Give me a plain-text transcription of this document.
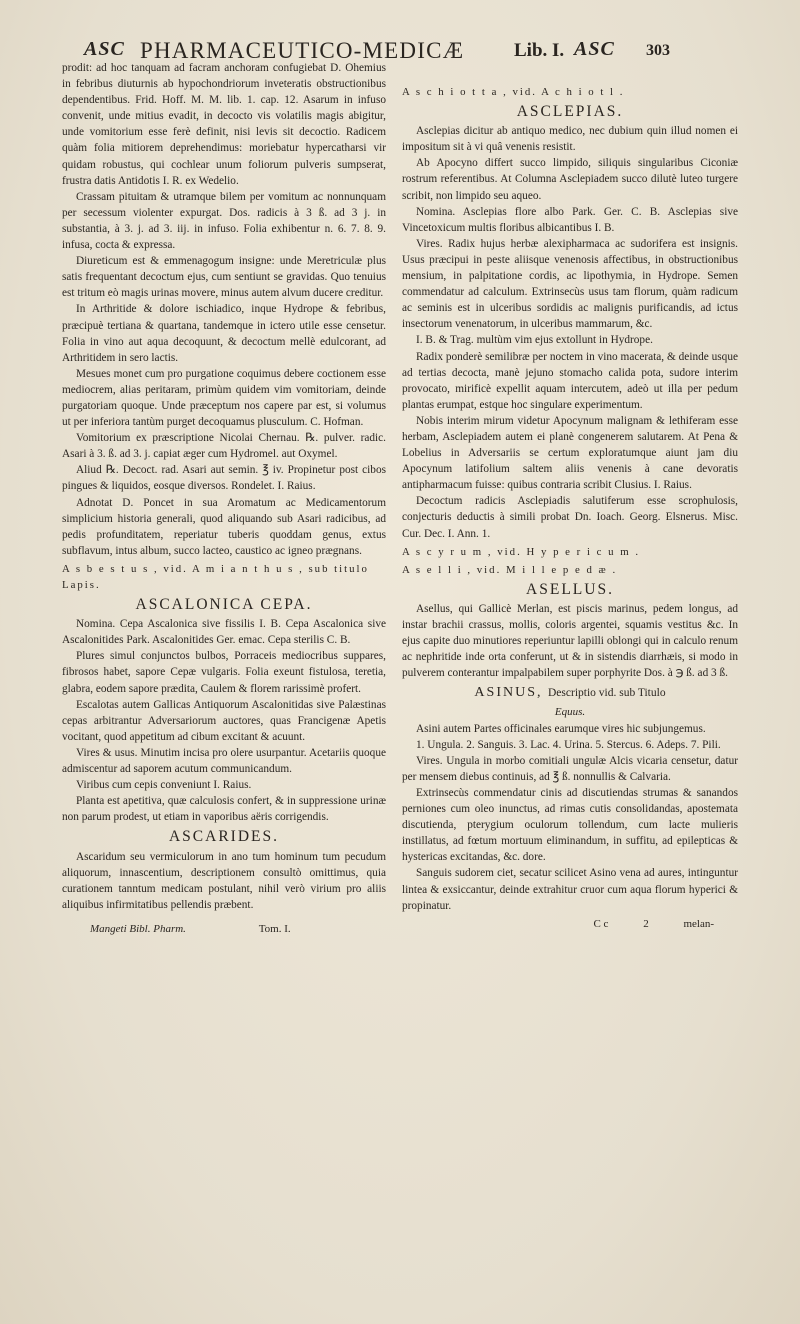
ASC PHARMACEUTICO-MEDICÆ	Lib. I. ASC 303

prodit: ad hoc tanquam ad facram anchoram confugiebat D. Ohemius in febribus diuturnis ab hypochondriorum inveteratis obstructionibus dependentibus. Frid. Hoff. M. M. lib. 1. cap. 12. Asarum in infuso convenit, unde mitius evadit, in decocto vis volatilis magis abigitur, unde vomitorium esse ferè definit, nisi levis sit decoctio. Radicem quàm folia mitiorem deprehendimus: moriebatur hypercatharsi vir quidam robustus, qui cochlear unum foliorum pulveris sumpserat, frustra datis Antidotis I. R. ex Wedelio.

Crassam pituitam & utramque bilem per vomitum ac nonnunquam per secessum violenter expurgat. Dos. radicis à 3 ß. ad 3 j. in substantia, à 3. j. ad 3. iij. in infuso. Folia exhibentur n. 6. 7. 8. 9. infusa, cocta & expressa.

Diureticum est & emmenagogum insigne: unde Meretriculæ plus satis frequentant decoctum ejus, cum sentiunt se gravidas. Quo tenuius est tritum eò magis urinas movere, minus autem alvum ducere creditur.

In Arthritide & dolore ischiadico, inque Hydrope & febribus, præcipuè tertiana & quartana, tandemque in ictero utile esse censetur. Folia in vino aut aqua decoquunt, & decoctum mellè edulcorant, ad Arthritidem in sero lactis.

Mesues monet cum pro purgatione coquimus debere coctionem esse mediocrem, alias peritaram, primùm quidem vim vomitoriam, deinde purgatoriam quoque. Unde præceptum nos capere par est, si volumus ut per inferiora tantùm purget decoquamus plusculum. C. Hofman.

Vomitorium ex præscriptione Nicolai Chernau. ℞. pulver. radic. Asari à 3. ß. ad 3. j. capiat æger cum Hydromel. aut Oxymel.

Aliud ℞. Decoct. rad. Asari aut semin. ℥ iv. Propinetur post cibos pingues & liquidos, eosque diversos. Rondelet. I. Raius.

Adnotat D. Poncet in sua Aromatum ac Medicamentorum simplicium historia generali, quod aliquando sub Asari radicibus, ad pedis profunditatem, reperiatur tuberis quoddam genus, extus subflavum, intus album, succo lacteo, caustico ac igneo prægnans.

A s b e s t u s , vid. A m i a n t h u s , sub titulo Lapis.

ASCALONICA CEPA.

Nomina. Cepa Ascalonica sive fissilis I. B. Cepa Ascalonica sive Ascalonitides Park. Ascalonitides Ger. emac. Cepa sterilis C. B.

Plures simul conjunctos bulbos, Porraceis mediocribus suppares, fibrosos habet, sapore Cepæ vulgaris. Folia exeunt fistulosa, teretia, glabra, eodem sapore prædita, Caulem & florem rarissimè profert.

Escalotas autem Gallicas Antiquorum Ascalonitidas sive Palæstinas cepas arbitrantur Adversariorum auctores, quas Francigenæ Apetis vocitant, quod appetitum ad cibum excitant & acuunt.

Vires & usus. Minutim incisa pro olere usurpantur. Acetariis quoque admiscentur ad saporem acutum communicandum.

Viribus cum cepis conveniunt I. Raius.

Planta est apetitiva, quæ calculosis confert, & in suppressione urinæ non parum prodest, ut etiam in vaporibus aëris corrigendis.

ASCARIDES.

Ascaridum seu vermiculorum in ano tum hominum tum pecudum aliquorum, innascentium, descriptionem consultò omittimus, quia curationem tanntum medicam postulant, nihil verò virium pro aliis aliquibus infirmitatibus pellendis præbent.

Mangeti Bibl. Pharm.	Tom. I.

A s c h i o t t a , vid. A c h i o t l .

ASCLEPIAS.

Asclepias dicitur ab antiquo medico, nec dubium quin illud nomen ei impositum sit à vi quâ venenis resistit.

Ab Apocyno differt succo limpido, siliquis singularibus Ciconiæ rostrum referentibus. At Columna Asclepiadem succo dilutè luteo turgere scribit, non limpido seu aqueo.

Nomina. Asclepias flore albo Park. Ger. C. B. Asclepias sive Vincetoxicum multis floribus albicantibus I. B.

Vires. Radix hujus herbæ alexipharmaca ac sudorifera est insignis. Usus præcipui in peste aliisque venenosis affectibus, in obstructionibus mensium, in palpitatione cordis, ac lipothymia, in Hydrope. Semen commendatur ad calculum. Extrinsecùs usus tam florum, quàm radicum ac seminis est in ulceribus sordidis ac malignis purificandis, ad ictus insectorum venenatorum, in ulceribus mammarum, &c.

I. B. & Trag. multùm vim ejus extollunt in Hydrope.

Radix ponderè semilibræ per noctem in vino macerata, & deinde usque ad tertias decocta, manè jejuno stomacho calida pota, sudore interim provocato, mirificè expellit aquam intercutem, adeò ut illa per pedum plantas erumpat, estque hoc singulare experimentum.

Nobis interim mirum videtur Apocynum malignam & lethiferam esse herbam, Asclepiadem autem ei planè congenerem salutarem. At Pena & Lobelius in Adversariis se certum exploratumque aiunt jam diu Apocynum latifolium saltem aliis venenis à cane devoratis antipharmacum fuisse: quibus contraria scribit Clusius. I. Raius.

Decoctum radicis Asclepiadis salutiferum esse scrophulosis, conjecturis deductis à simili probat Dn. Ioach. Georg. Elsnerus. Misc. Cur. Dec. I. Ann. 1.

A s c y r u m , vid. H y p e r i c u m .

A s e l l i , vid. M i l l e p e d æ .

ASELLUS.

Asellus, qui Gallicè Merlan, est piscis marinus, pedem longus, ad instar brachii crassus, mollis, coloris argentei, squamis vestitus &c. In ejus capite duo minutiores reperiuntur lapilli oblongi qui in calculo renum ac nephritide inde orta conferunt, ut & in sistendis diarrhæis, si modo in pulverem conterantur impalpabilem super porphyrite Dos. à ℈ ß. ad 3 ß.

ASINUS, Descriptio vid. sub Titulo
Equus.

Asini autem Partes officinales earumque vires hic subjungemus.

1. Ungula. 2. Sanguis. 3. Lac. 4. Urina. 5. Stercus. 6. Adeps. 7. Pili.

Vires. Ungula in morbo comitiali ungulæ Alcis vicaria censetur, datur per mensem diebus continuis, ad ℥ ß. nonnullis & Calvaria.

Extrinsecùs commendatur cinis ad discutiendas strumas & sanandos perniones cum oleo inunctus, ad rimas cutis consolidandas, apostemata discutienda, pterygium oculorum tollendum, cum lacte mulieris instillatus, ad fœtum mortuum eliminandum, in suffitu, ad epilepticas & hystericas excitandas, &c. dore.

Sanguis sudorem ciet, secatur scilicet Asino vena ad aures, intinguntur lintea & exsiccantur, deinde extrahitur cruor cum aqua florum hyperici & propinatur.

C c	2	melan-
